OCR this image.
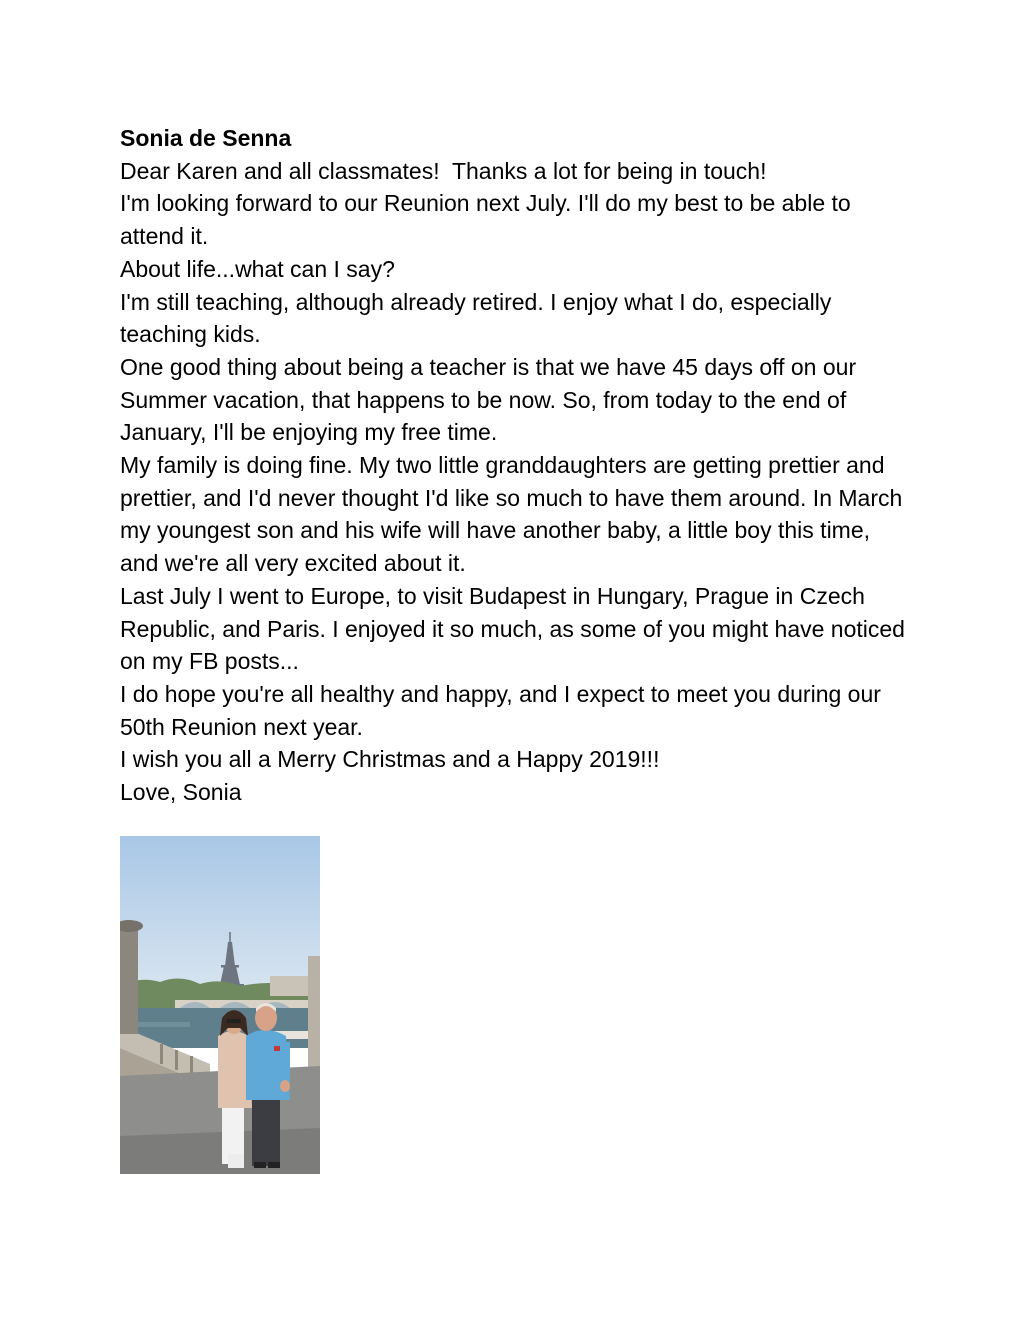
Sonia de Senna

Dear Karen and all classmates!  Thanks a lot for being in touch!

I'm looking forward to our Reunion next July. I'll do my best to be able to attend it.

About life...what can I say?

I'm still teaching, although already retired. I enjoy what I do, especially teaching kids.

One good thing about being a teacher is that we have 45 days off on our Summer vacation, that happens to be now. So, from today to the end of January, I'll be enjoying my free time.

My family is doing fine. My two little granddaughters are getting prettier and prettier, and I'd never thought I'd like so much to have them around. In March my youngest son and his wife will have another baby, a little boy this time, and we're all very excited about it.

Last July I went to Europe, to visit Budapest in Hungary, Prague in Czech Republic, and Paris. I enjoyed it so much, as some of you might have noticed on my FB posts...

I do hope you're all healthy and happy, and I expect to meet you during our 50th Reunion next year.

I wish you all a Merry Christmas and a Happy 2019!!!

Love, Sonia
